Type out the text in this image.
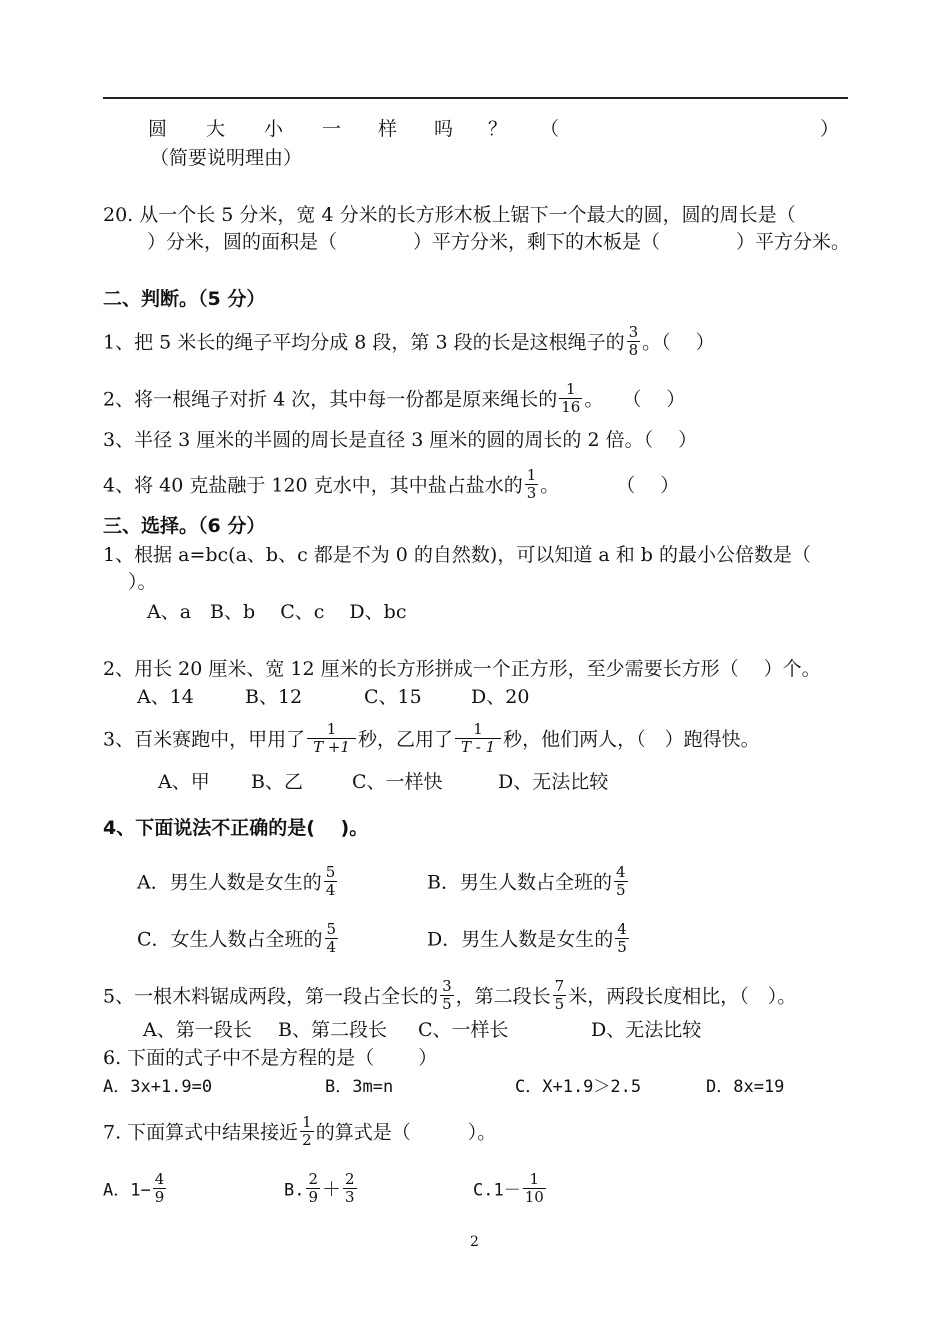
圆 大 小 一 样 吗 ？ （	）
（简要说明理由）
20. 从一个长 5 分米，宽 4 分米的长方形木板上锯下一个最大的圆，圆的周长是（
）分米，圆的面积是（　　　　）平方分米，剩下的木板是（　　　　）平方分米。
二、判断。（5 分）
1、把 5 米长的绳子平均分成 8 段，第 3 段的长是这根绳子的 $\frac{3}{8}$ 。（　 ）
2、将一根绳子对折 4 次，其中每一份都是原来绳长的 $\frac{1}{16}$ 。　　（　 ）
3、半径 3 厘米的半圆的周长是直径 3 厘米的圆的周长的 2 倍。（　 ）
4、将 40 克盐融于 120 克水中，其中盐占盐水的 $\frac{1}{3}$ 。　　　　（　 ）
三、选择。（6 分）
1、根据 a=bc(a、b、c 都是不为 0 的自然数)，可以知道 a 和 b 的最小公倍数是（
）。
A、a　B、b　 C、c　 D、bc
2、用长 20 厘米、宽 12 厘米的长方形拼成一个正方形，至少需要长方形（　 ）个。
A、14	B、12	C、15	D、20
3、百米赛跑中，甲用了 $\frac{1}{T +1}$ 秒，乙用了 $\frac{1}{T - 1}$ 秒，他们两人，（　）跑得快。
A、甲 B、乙	C、一样快	D、无法比较
4、下面说法不正确的是(　 )。
A．男生人数是女生的 $\frac{5}{4}$	B．男生人数占全班的 $\frac{4}{5}$
C．女生人数占全班的 $\frac{5}{4}$	D．男生人数是女生的 $\frac{4}{5}$
5、一根木料锯成两段，第一段占全长的 $\frac{3}{5}$ ，第二段长 $\frac{7}{5}$ 米，两段长度相比，（　）。
A、第一段长 B、第二段长 C、一样长	D、无法比较
6. 下面的式子中不是方程的是（　　 ）
A．3x+1.9=0	B．3m=n	C．X+1.9＞2.5	D．8x=19
7. 下面算式中结果接近 $\frac{1}{2}$ 的算式是（　　　）。
A．$1- \frac{4}{9}$	B. $\frac{2}{9} + \frac{2}{3}$	$C.1- \frac{1}{10}$
2
